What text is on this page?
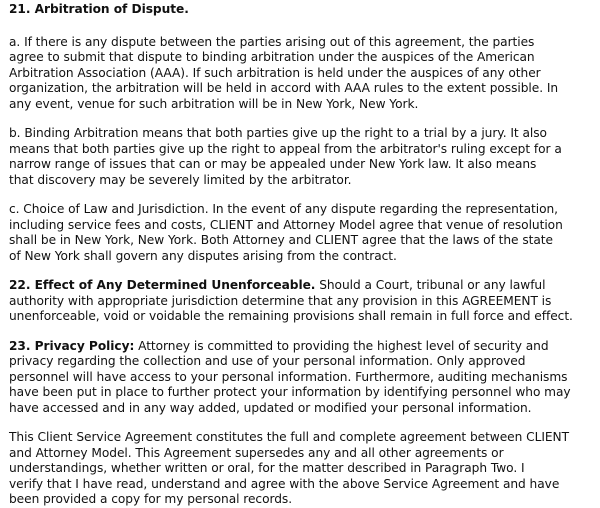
21. Arbitration of Dispute.
a. If there is any dispute between the parties arising out of this agreement, the parties
agree to submit that dispute to binding arbitration under the auspices of the American
Arbitration Association (AAA). If such arbitration is held under the auspices of any other
organization, the arbitration will be held in accord with AAA rules to the extent possible. In
any event, venue for such arbitration will be in New York, New York.
b. Binding Arbitration means that both parties give up the right to a trial by a jury. It also
means that both parties give up the right to appeal from the arbitrator's ruling except for a
narrow range of issues that can or may be appealed under New York law. It also means
that discovery may be severely limited by the arbitrator.
c. Choice of Law and Jurisdiction. In the event of any dispute regarding the representation,
including service fees and costs, CLIENT and Attorney Model agree that venue of resolution
shall be in New York, New York. Both Attorney and CLIENT agree that the laws of the state
of New York shall govern any disputes arising from the contract.
22. Effect of Any Determined Unenforceable. Should a Court, tribunal or any lawful
authority with appropriate jurisdiction determine that any provision in this AGREEMENT is
unenforceable, void or voidable the remaining provisions shall remain in full force and effect.
23. Privacy Policy: Attorney is committed to providing the highest level of security and
privacy regarding the collection and use of your personal information. Only approved
personnel will have access to your personal information. Furthermore, auditing mechanisms
have been put in place to further protect your information by identifying personnel who may
have accessed and in any way added, updated or modified your personal information.
This Client Service Agreement constitutes the full and complete agreement between CLIENT
and Attorney Model. This Agreement supersedes any and all other agreements or
understandings, whether written or oral, for the matter described in Paragraph Two. I
verify that I have read, understand and agree with the above Service Agreement and have
been provided a copy for my personal records.
